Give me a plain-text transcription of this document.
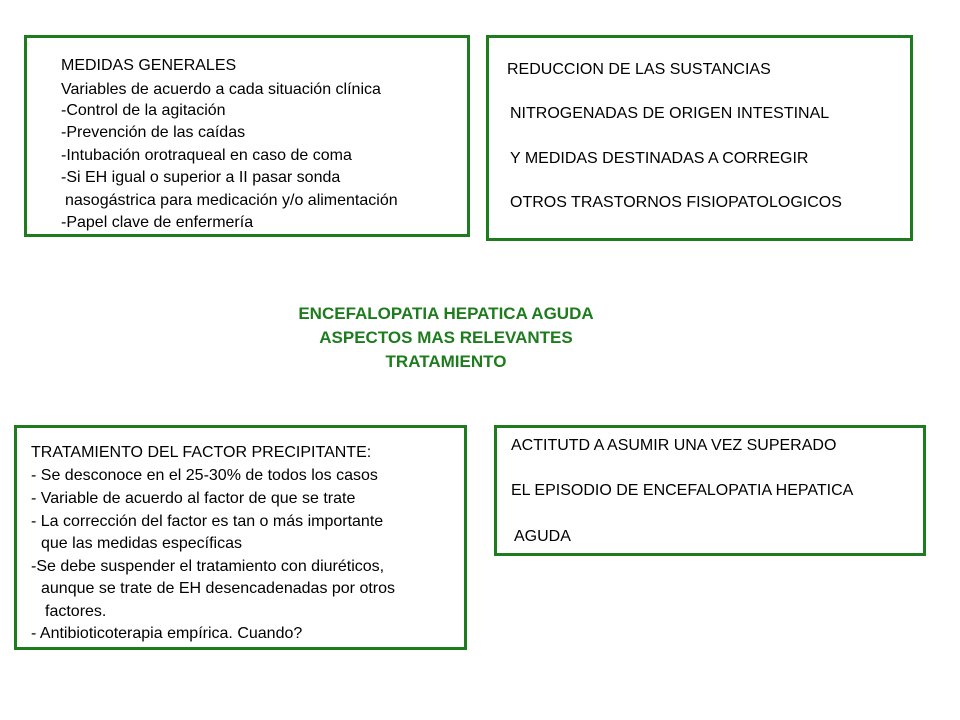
MEDIDAS GENERALES
Variables de acuerdo a cada situación clínica
-Control de la agitación
-Prevención de las caídas
-Intubación orotraqueal en caso de coma
-Si EH igual o superior a II pasar sonda
nasogástrica para medicación y/o alimentación
-Papel clave de enfermería
REDUCCION DE LAS SUSTANCIAS
NITROGENADAS DE ORIGEN INTESTINAL
Y MEDIDAS DESTINADAS A CORREGIR
OTROS TRASTORNOS FISIOPATOLOGICOS
ENCEFALOPATIA HEPATICA AGUDA
ASPECTOS MAS RELEVANTES
TRATAMIENTO
TRATAMIENTO DEL FACTOR PRECIPITANTE:
- Se desconoce en el 25-30% de todos los casos
- Variable de acuerdo al factor de que se trate
- La corrección del factor es tan o más importante
que las medidas específicas
-Se debe suspender el tratamiento con diuréticos,
aunque se trate de EH desencadenadas por otros
factores.
- Antibioticoterapia empírica. Cuando?
ACTITUTD A ASUMIR UNA VEZ SUPERADO
EL EPISODIO DE ENCEFALOPATIA HEPATICA
AGUDA
